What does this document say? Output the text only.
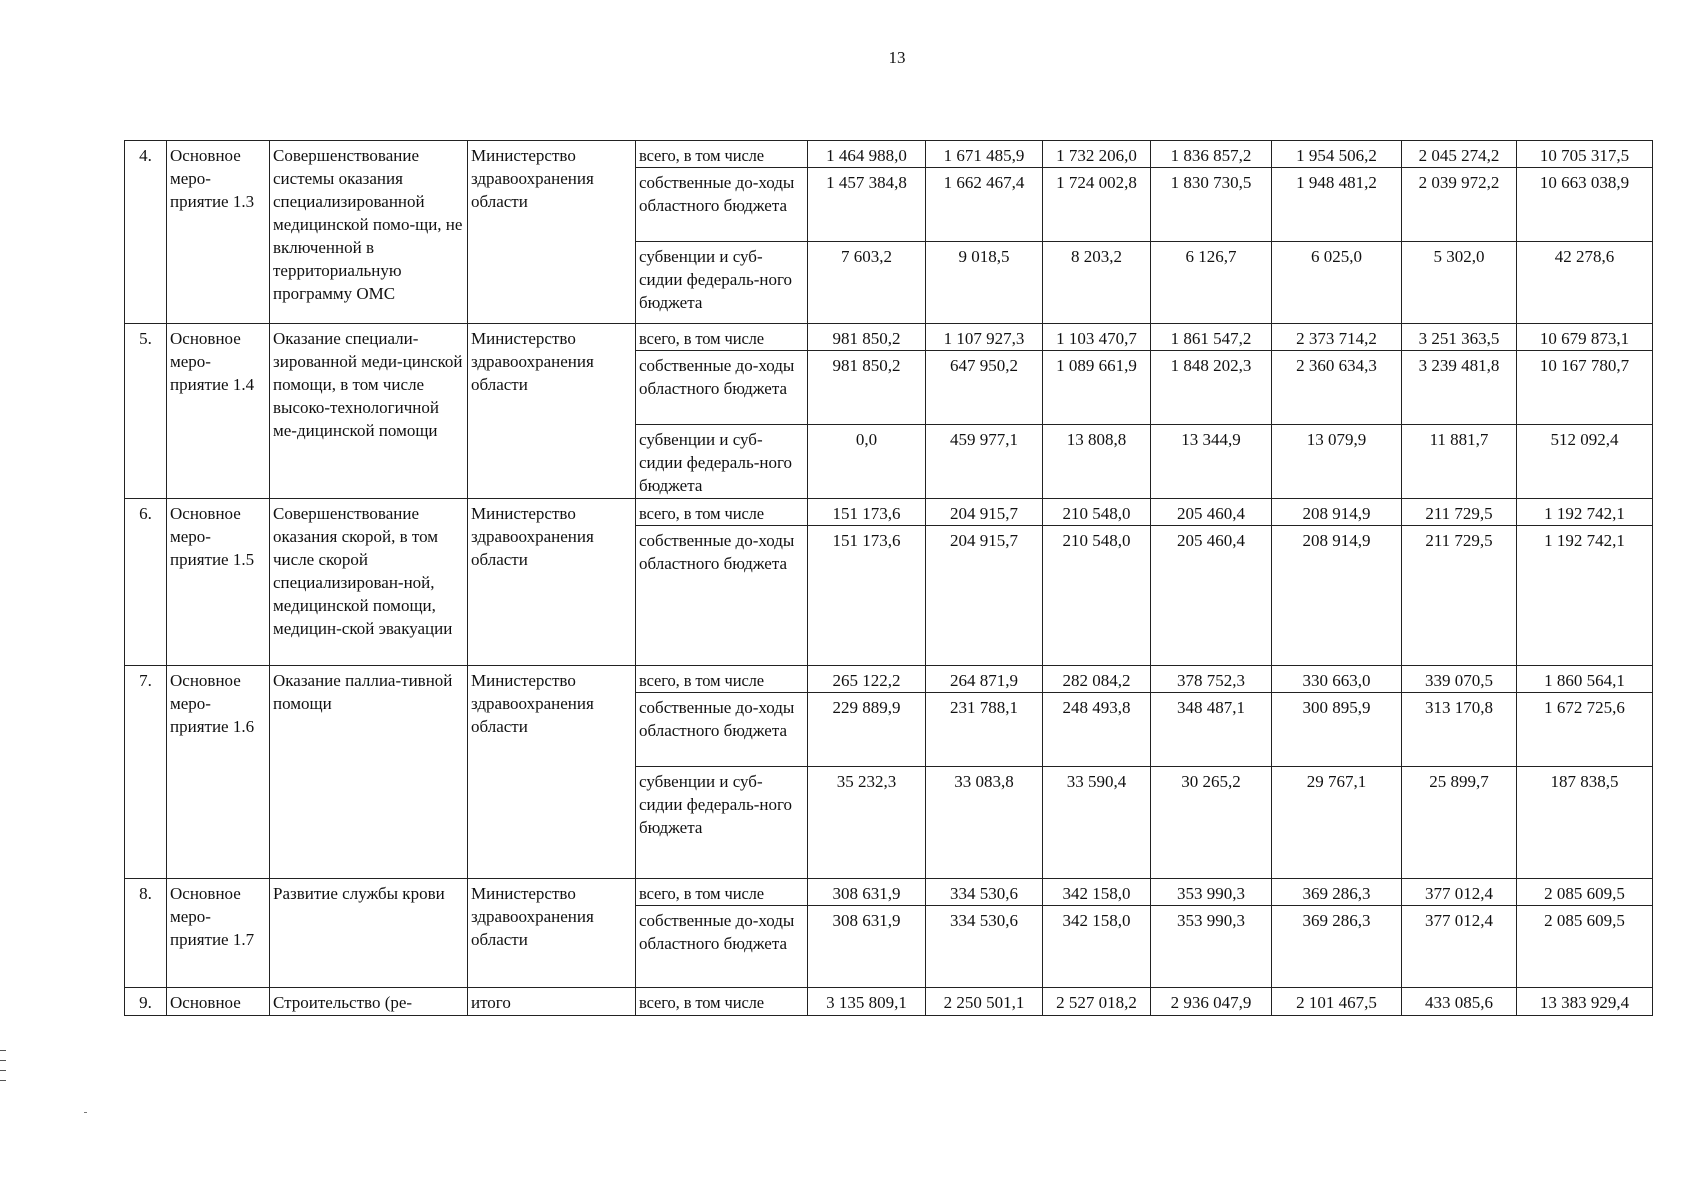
13
4.	Основное меро-приятие 1.3	Совершенствование системы оказания специализированной медицинской помо-щи, не включенной в территориальную программу ОМС	Министерство здравоохранения области	всего, в том числе	1 464 988,0	1 671 485,9	1 732 206,0	1 836 857,2	1 954 506,2	2 045 274,2	10 705 317,5
				собственные до-ходы областного бюджета	1 457 384,8	1 662 467,4	1 724 002,8	1 830 730,5	1 948 481,2	2 039 972,2	10 663 038,9
				субвенции и суб-сидии федераль-ного бюджета	7 603,2	9 018,5	8 203,2	6 126,7	6 025,0	5 302,0	42 278,6
5.	Основное меро-приятие 1.4	Оказание специали-зированной меди-цинской помощи, в том числе высоко-технологичной ме-дицинской помощи	Министерство здравоохранения области	всего, в том числе	981 850,2	1 107 927,3	1 103 470,7	1 861 547,2	2 373 714,2	3 251 363,5	10 679 873,1
				собственные до-ходы областного бюджета	981 850,2	647 950,2	1 089 661,9	1 848 202,3	2 360 634,3	3 239 481,8	10 167 780,7
				субвенции и суб-сидии федераль-ного бюджета	0,0	459 977,1	13 808,8	13 344,9	13 079,9	11 881,7	512 092,4
6.	Основное меро-приятие 1.5	Совершенствование оказания скорой, в том числе скорой специализирован-ной, медицинской помощи, медицин-ской эвакуации	Министерство здравоохранения области	всего, в том числе	151 173,6	204 915,7	210 548,0	205 460,4	208 914,9	211 729,5	1 192 742,1
				собственные до-ходы областного бюджета	151 173,6	204 915,7	210 548,0	205 460,4	208 914,9	211 729,5	1 192 742,1
7.	Основное меро-приятие 1.6	Оказание паллиа-тивной помощи	Министерство здравоохранения области	всего, в том числе	265 122,2	264 871,9	282 084,2	378 752,3	330 663,0	339 070,5	1 860 564,1
				собственные до-ходы областного бюджета	229 889,9	231 788,1	248 493,8	348 487,1	300 895,9	313 170,8	1 672 725,6
				субвенции и суб-сидии федераль-ного бюджета	35 232,3	33 083,8	33 590,4	30 265,2	29 767,1	25 899,7	187 838,5
8.	Основное меро-приятие 1.7	Развитие службы крови	Министерство здравоохранения области	всего, в том числе	308 631,9	334 530,6	342 158,0	353 990,3	369 286,3	377 012,4	2 085 609,5
				собственные до-ходы областного бюджета	308 631,9	334 530,6	342 158,0	353 990,3	369 286,3	377 012,4	2 085 609,5
9.	Основное	Строительство (ре-	итого	всего, в том числе	3 135 809,1	2 250 501,1	2 527 018,2	2 936 047,9	2 101 467,5	433 085,6	13 383 929,4
